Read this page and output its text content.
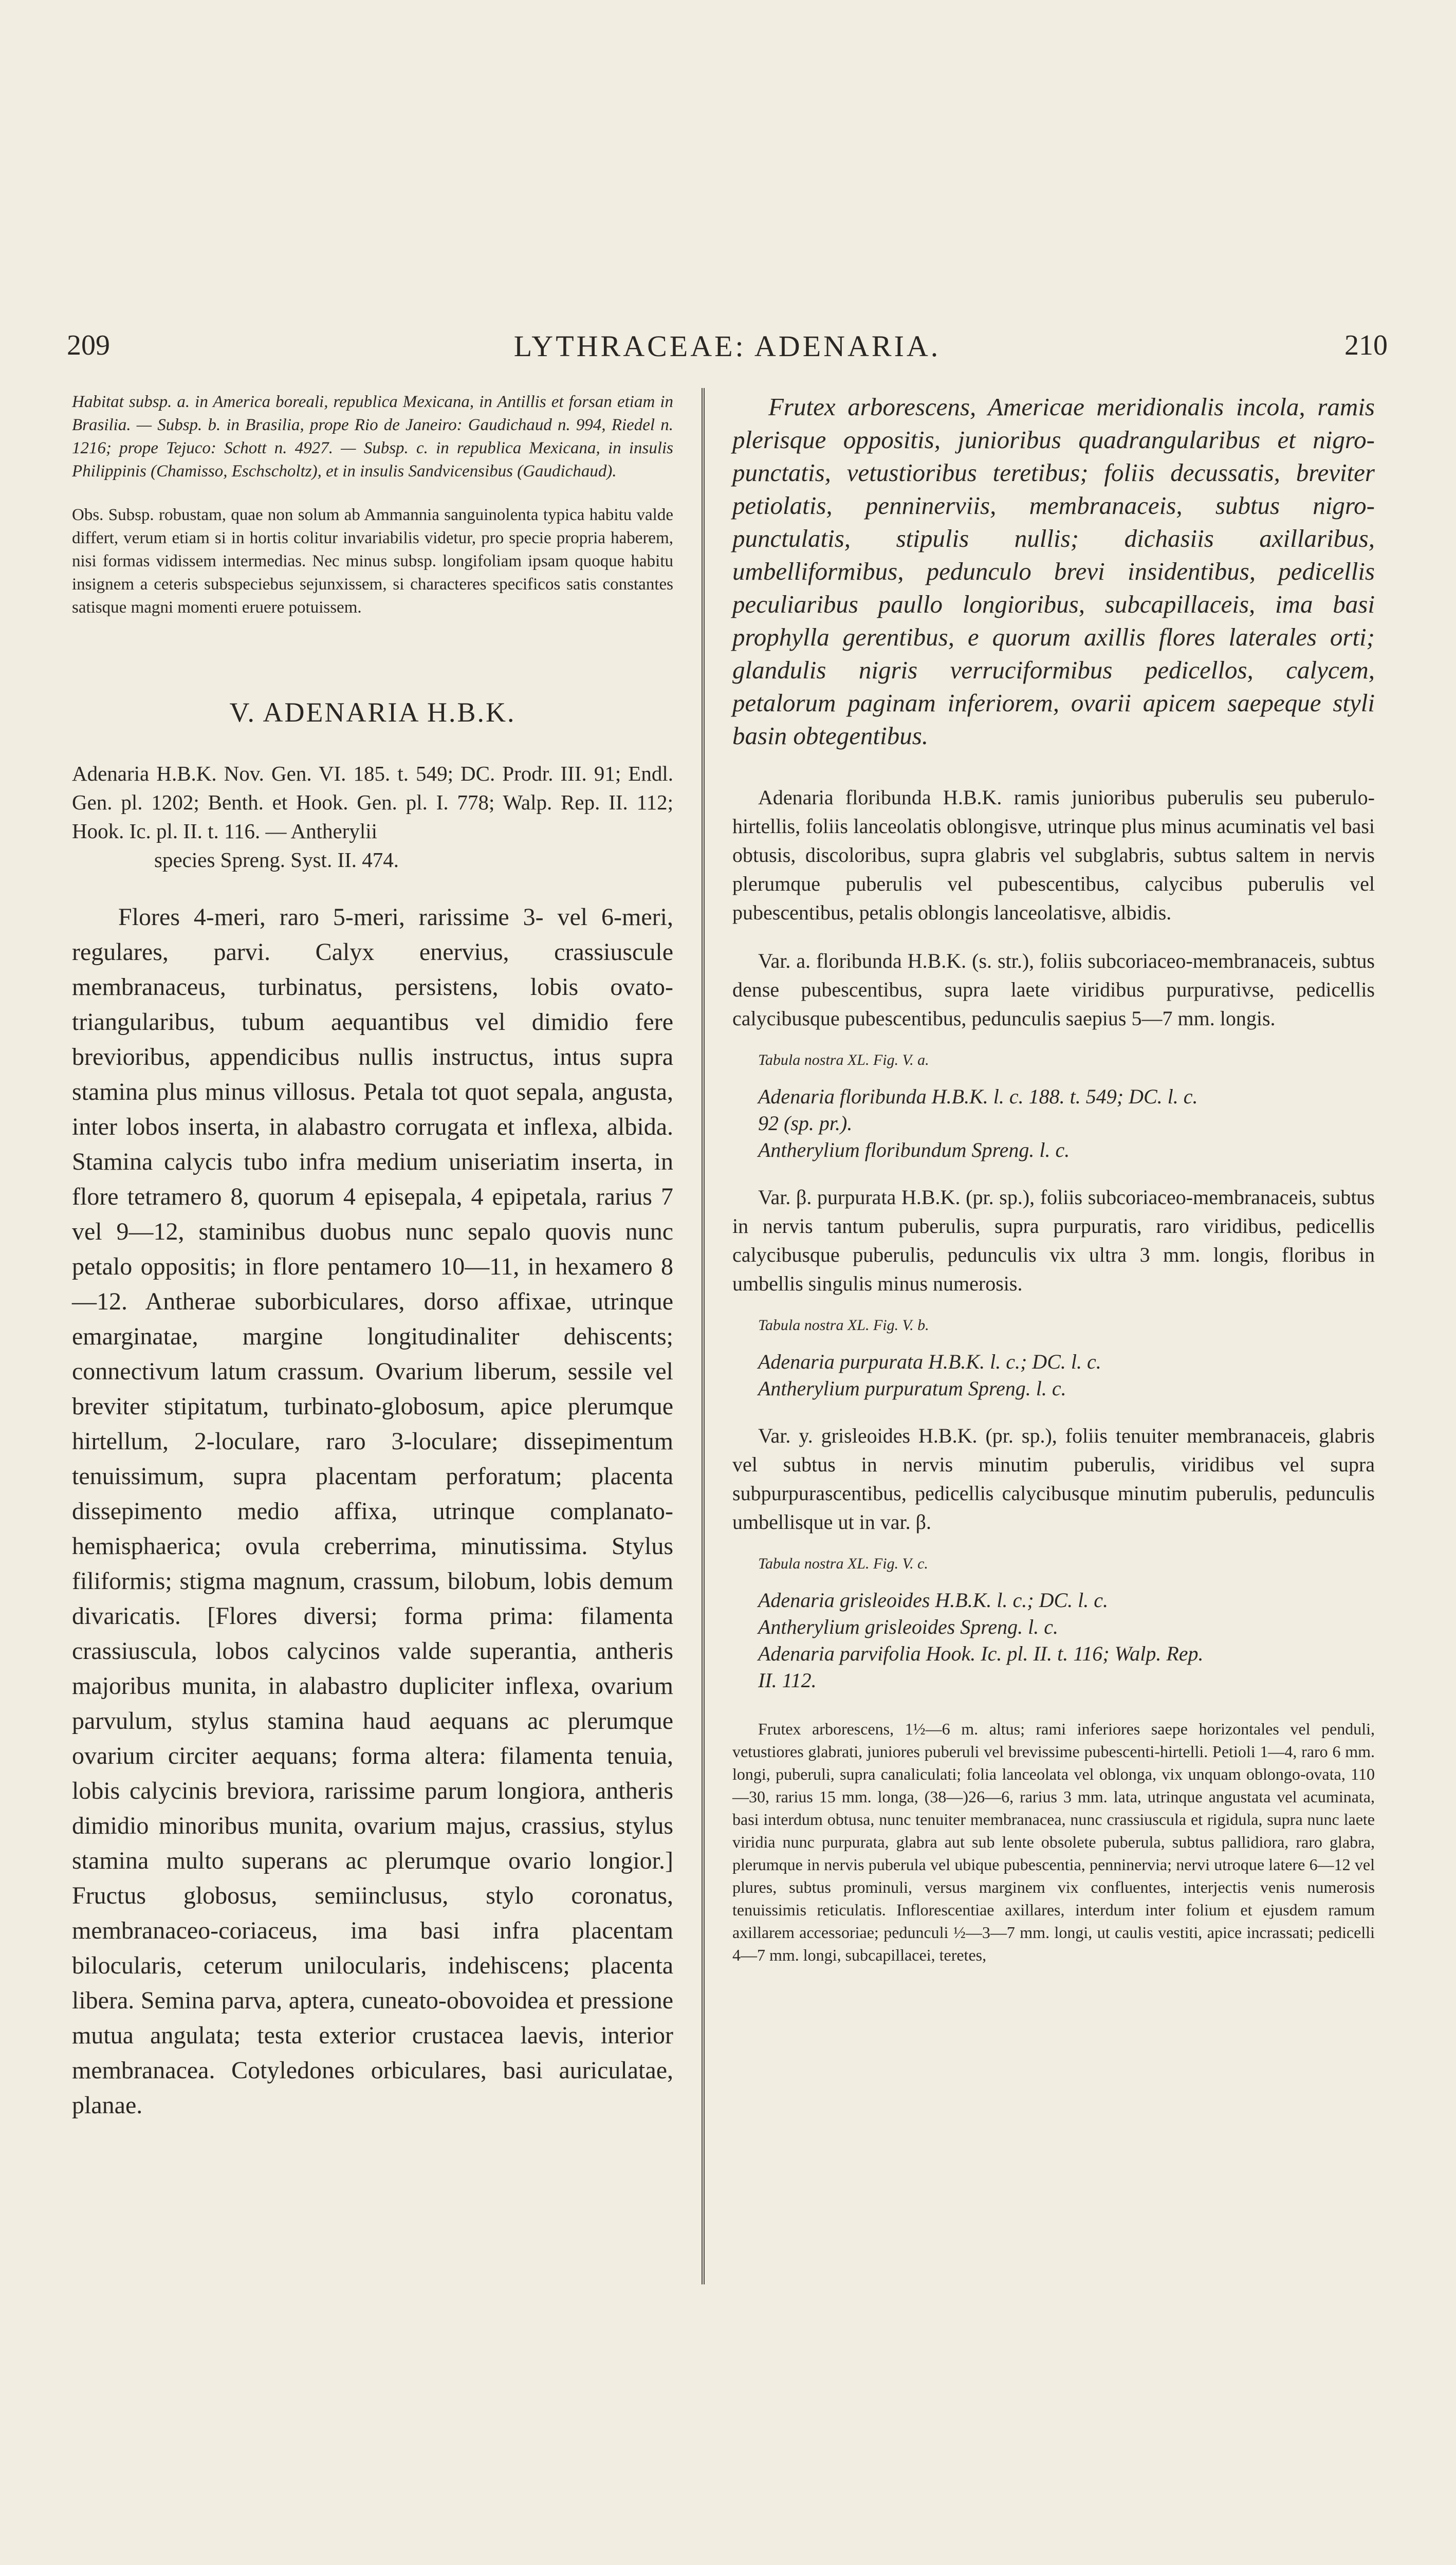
209	LYTHRACEAE: ADENARIA.	210

Habitat subsp. a. in America boreali, republica Mexicana, in Antillis et forsan etiam in Brasilia. — Subsp. b. in Brasilia, prope Rio de Janeiro: Gaudichaud n. 994, Riedel n. 1216; prope Tejuco: Schott n. 4927. — Subsp. c. in republica Mexicana, in insulis Philippinis (Chamisso, Eschscholtz), et in insulis Sandvicensibus (Gaudichaud).

Obs. Subsp. robustam, quae non solum ab Ammannia sanguinolenta typica habitu valde differt, verum etiam si in hortis colitur invariabilis videtur, pro specie propria haberem, nisi formas vidissem intermedias. Nec minus subsp. longifoliam ipsam quoque habitu insignem a ceteris subspeciebus sejunxissem, si characteres specificos satis constantes satisque magni momenti eruere potuissem.

V. ADENARIA H.B.K.

Adenaria H.B.K. Nov. Gen. VI. 185. t. 549; DC. Prodr. III. 91; Endl. Gen. pl. 1202; Benth. et Hook. Gen. pl. I. 778; Walp. Rep. II. 112; Hook. Ic. pl. II. t. 116. — Antherylii
species Spreng. Syst. II. 474.

Flores 4-meri, raro 5-meri, rarissime 3- vel 6-meri, regulares, parvi. Calyx enervius, crassiuscule membranaceus, turbinatus, persistens, lobis ovato-triangularibus, tubum aequantibus vel dimidio fere brevioribus, appendicibus nullis instructus, intus supra stamina plus minus villosus. Petala tot quot sepala, angusta, inter lobos inserta, in alabastro corrugata et inflexa, albida. Stamina calycis tubo infra medium uniseriatim inserta, in flore tetramero 8, quorum 4 episepala, 4 epipetala, rarius 7 vel 9—12, staminibus duobus nunc sepalo quovis nunc petalo oppositis; in flore pentamero 10—11, in hexamero 8—12. Antherae suborbiculares, dorso affixae, utrinque emarginatae, margine longitudinaliter dehiscents; connectivum latum crassum. Ovarium liberum, sessile vel breviter stipitatum, turbinato-globosum, apice plerumque hirtellum, 2-loculare, raro 3-loculare; dissepimentum tenuissimum, supra placentam perforatum; placenta dissepimento medio affixa, utrinque complanato-hemisphaerica; ovula creberrima, minutissima. Stylus filiformis; stigma magnum, crassum, bilobum, lobis demum divaricatis. [Flores diversi; forma prima: filamenta crassiuscula, lobos calycinos valde superantia, antheris majoribus munita, in alabastro dupliciter inflexa, ovarium parvulum, stylus stamina haud aequans ac plerumque ovarium circiter aequans; forma altera: filamenta tenuia, lobis calycinis breviora, rarissime parum longiora, antheris dimidio minoribus munita, ovarium majus, crassius, stylus stamina multo superans ac plerumque ovario longior.] Fructus globosus, semiinclusus, stylo coronatus, membranaceo-coriaceus, ima basi infra placentam bilocularis, ceterum unilocularis, indehiscens; placenta libera. Semina parva, aptera, cuneato-obovoidea et pressione mutua angulata; testa exterior crustacea laevis, interior membranacea. Cotyledones orbiculares, basi auriculatae, planae.

Frutex arborescens, Americae meridionalis incola, ramis plerisque oppositis, junioribus quadrangularibus et nigro-punctatis, vetustioribus teretibus; foliis decussatis, breviter petiolatis, penninerviis, membranaceis, subtus nigro-punctulatis, stipulis nullis; dichasiis axillaribus, umbelliformibus, pedunculo brevi insidentibus, pedicellis peculiaribus paullo longioribus, subcapillaceis, ima basi prophylla gerentibus, e quorum axillis flores laterales orti; glandulis nigris verruciformibus pedicellos, calycem, petalorum paginam inferiorem, ovarii apicem saepeque styli basin obtegentibus.

Adenaria floribunda H.B.K. ramis junioribus puberulis seu puberulo-hirtellis, foliis lanceolatis oblongisve, utrinque plus minus acuminatis vel basi obtusis, discoloribus, supra glabris vel subglabris, subtus saltem in nervis plerumque puberulis vel pubescentibus, calycibus puberulis vel pubescentibus, petalis oblongis lanceolatisve, albidis.

Var. a. floribunda H.B.K. (s. str.), foliis subcoriaceo-membranaceis, subtus dense pubescentibus, supra laete viridibus purpurativse, pedicellis calycibusque pubescentibus, pedunculis saepius 5—7 mm. longis.

Tabula nostra XL. Fig. V. a.

Adenaria floribunda H.B.K. l. c. 188. t. 549; DC. l. c.

92 (sp. pr.).

Antherylium floribundum Spreng. l. c.

Var. β. purpurata H.B.K. (pr. sp.), foliis subcoriaceo-membranaceis, subtus in nervis tantum puberulis, supra purpuratis, raro viridibus, pedicellis calycibusque puberulis, pedunculis vix ultra 3 mm. longis, floribus in umbellis singulis minus numerosis.

Tabula nostra XL. Fig. V. b.

Adenaria purpurata H.B.K. l. c.; DC. l. c.

Antherylium purpuratum Spreng. l. c.

Var. y. grisleoides H.B.K. (pr. sp.), foliis tenuiter membranaceis, glabris vel subtus in nervis minutim puberulis, viridibus vel supra subpurpurascentibus, pedicellis calycibusque minutim puberulis, pedunculis umbellisque ut in var. β.

Tabula nostra XL. Fig. V. c.

Adenaria grisleoides H.B.K. l. c.; DC. l. c.

Antherylium grisleoides Spreng. l. c.

Adenaria parvifolia Hook. Ic. pl. II. t. 116; Walp. Rep.

II. 112.

Frutex arborescens, 1½—6 m. altus; rami inferiores saepe horizontales vel penduli, vetustiores glabrati, juniores puberuli vel brevissime pubescenti-hirtelli. Petioli 1—4, raro 6 mm. longi, puberuli, supra canaliculati; folia lanceolata vel oblonga, vix unquam oblongo-ovata, 110—30, rarius 15 mm. longa, (38—)26—6, rarius 3 mm. lata, utrinque angustata vel acuminata, basi interdum obtusa, nunc tenuiter membranacea, nunc crassiuscula et rigidula, supra nunc laete viridia nunc purpurata, glabra aut sub lente obsolete puberula, subtus pallidiora, raro glabra, plerumque in nervis puberula vel ubique pubescentia, penninervia; nervi utroque latere 6—12 vel plures, subtus prominuli, versus marginem vix confluentes, interjectis venis numerosis tenuissimis reticulatis. Inflorescentiae axillares, interdum inter folium et ejusdem ramum axillarem accessoriae; pedunculi ½—3—7 mm. longi, ut caulis vestiti, apice incrassati; pedicelli 4—7 mm. longi, subcapillacei, teretes,
